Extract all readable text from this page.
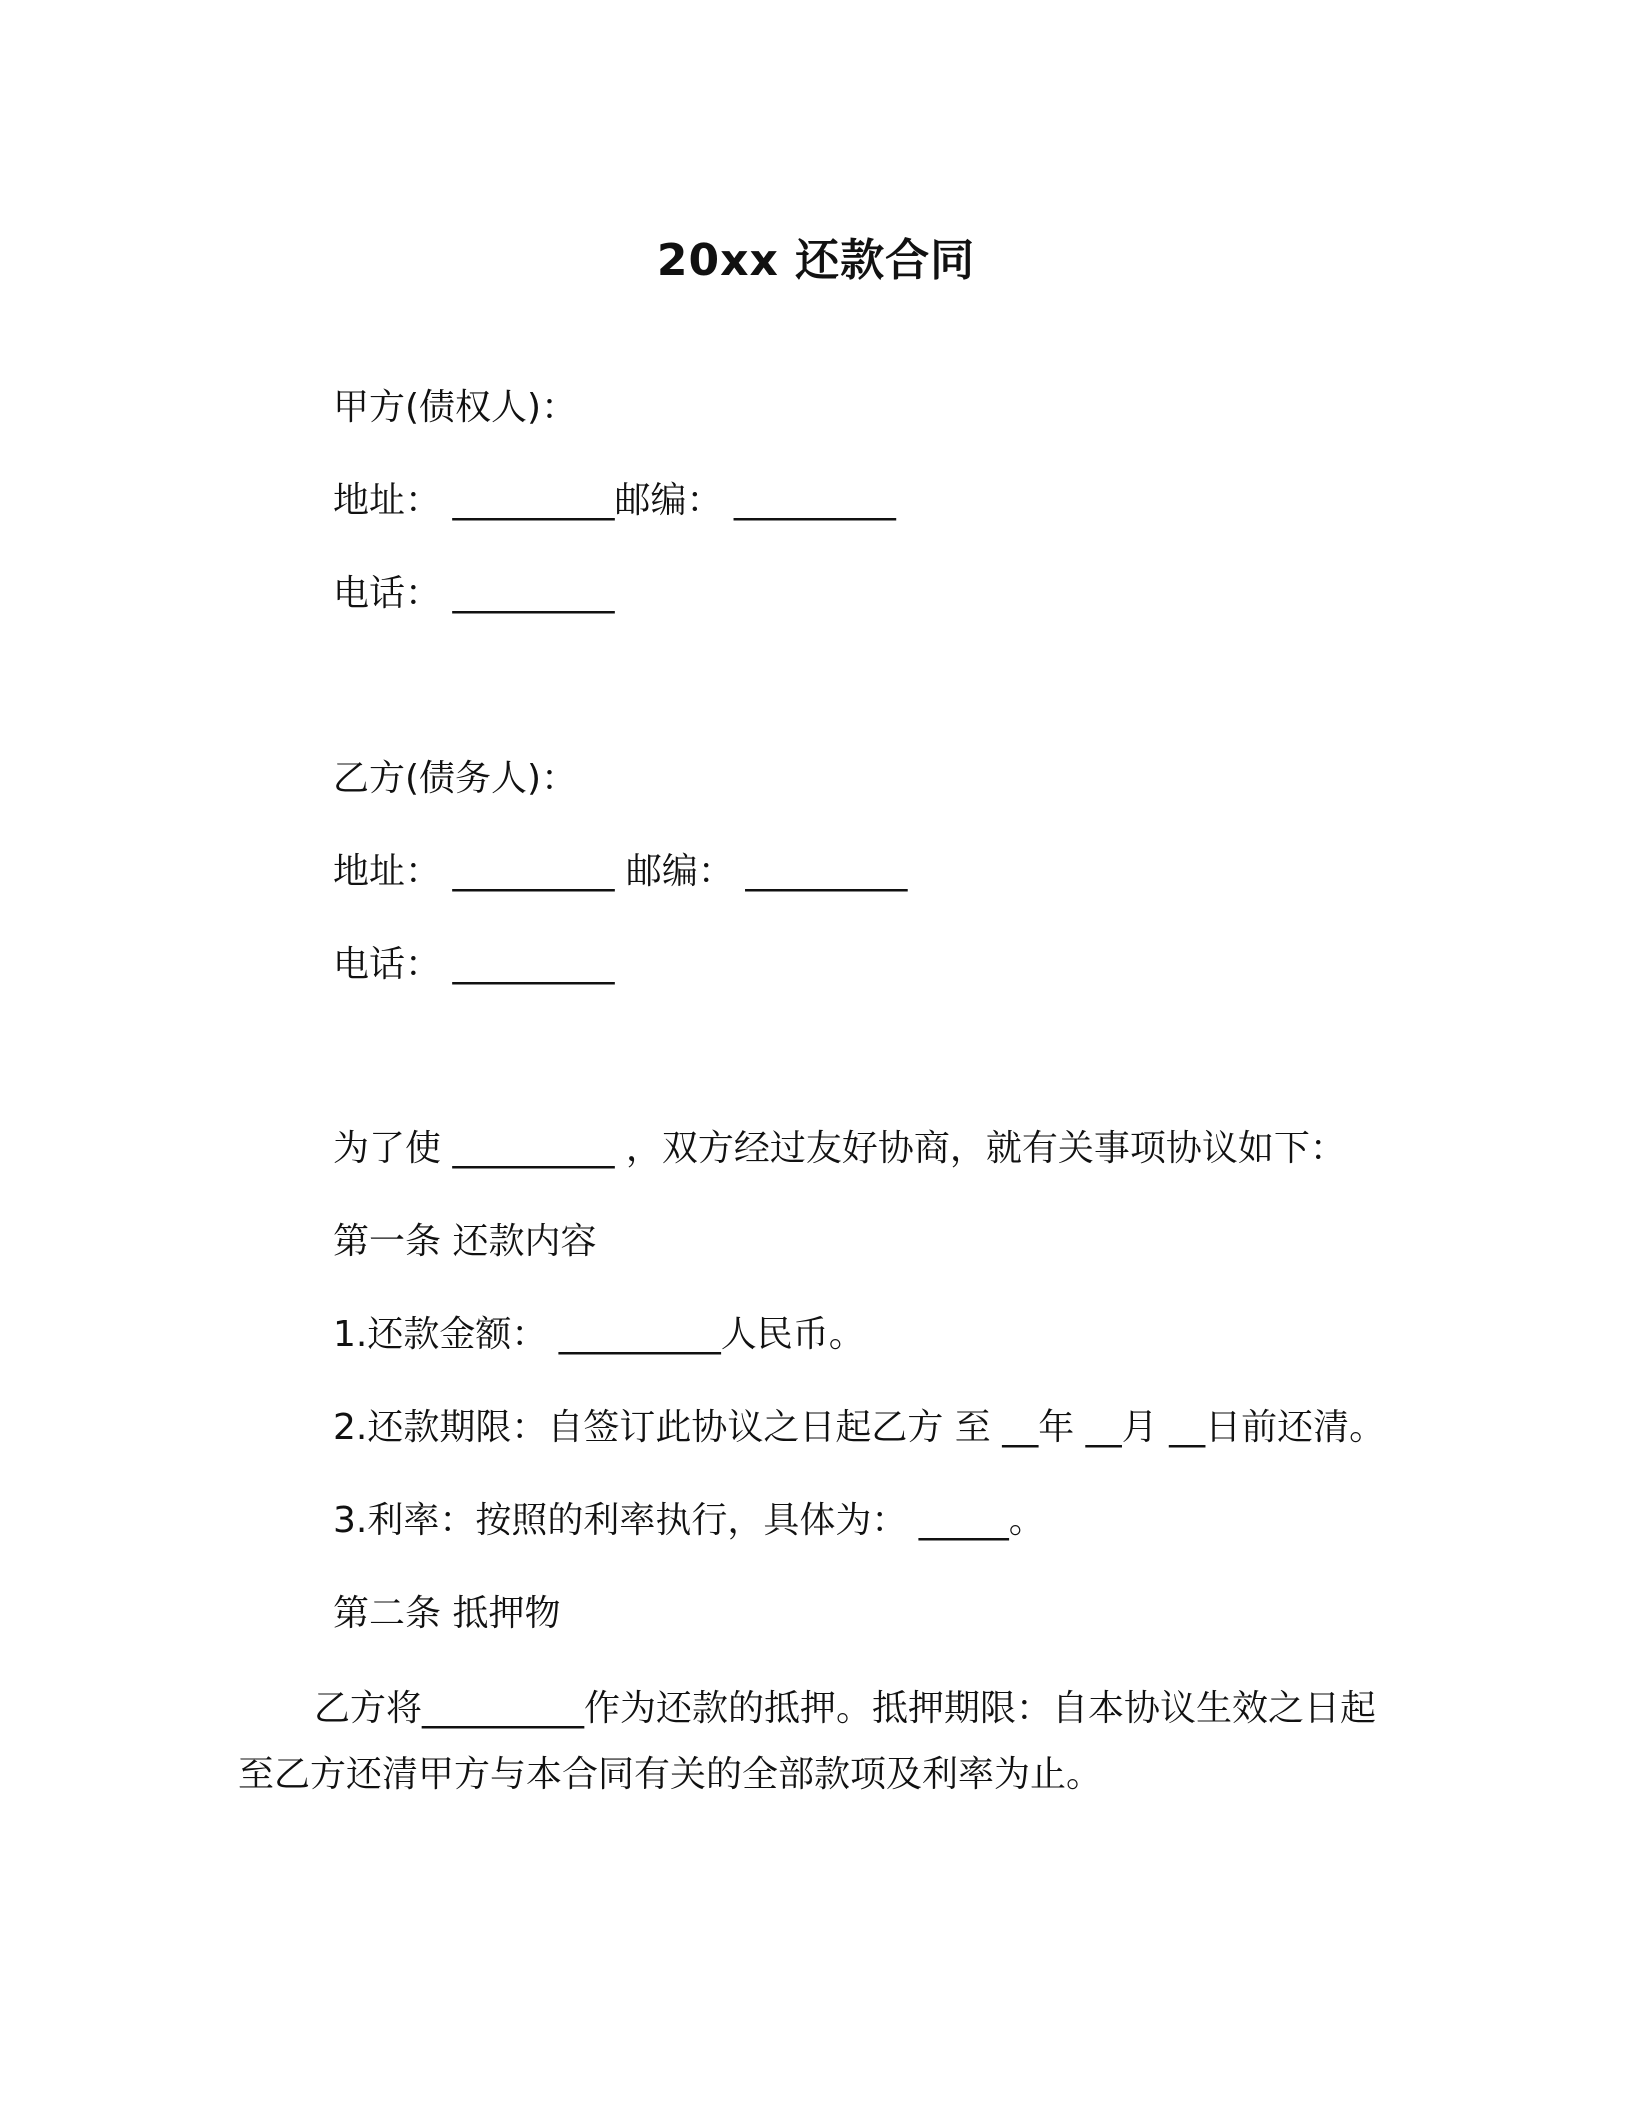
20xx 还款合同

甲方(债权人)：

地址： _________邮编： _________

电话： _________

乙方(债务人)：

地址： _________ 邮编： _________

电话： _________

为了使 _________ ，双方经过友好协商，就有关事项协议如下：

第一条 还款内容

1.还款金额： _________人民币。

2.还款期限：自签订此协议之日起乙方 至 __年 __月 __日前还清。

3.利率：按照的利率执行，具体为： _____。

第二条 抵押物

乙方将_________作为还款的抵押。抵押期限：自本协议生效之日起至乙方还清甲方与本合同有关的全部款项及利率为止。
